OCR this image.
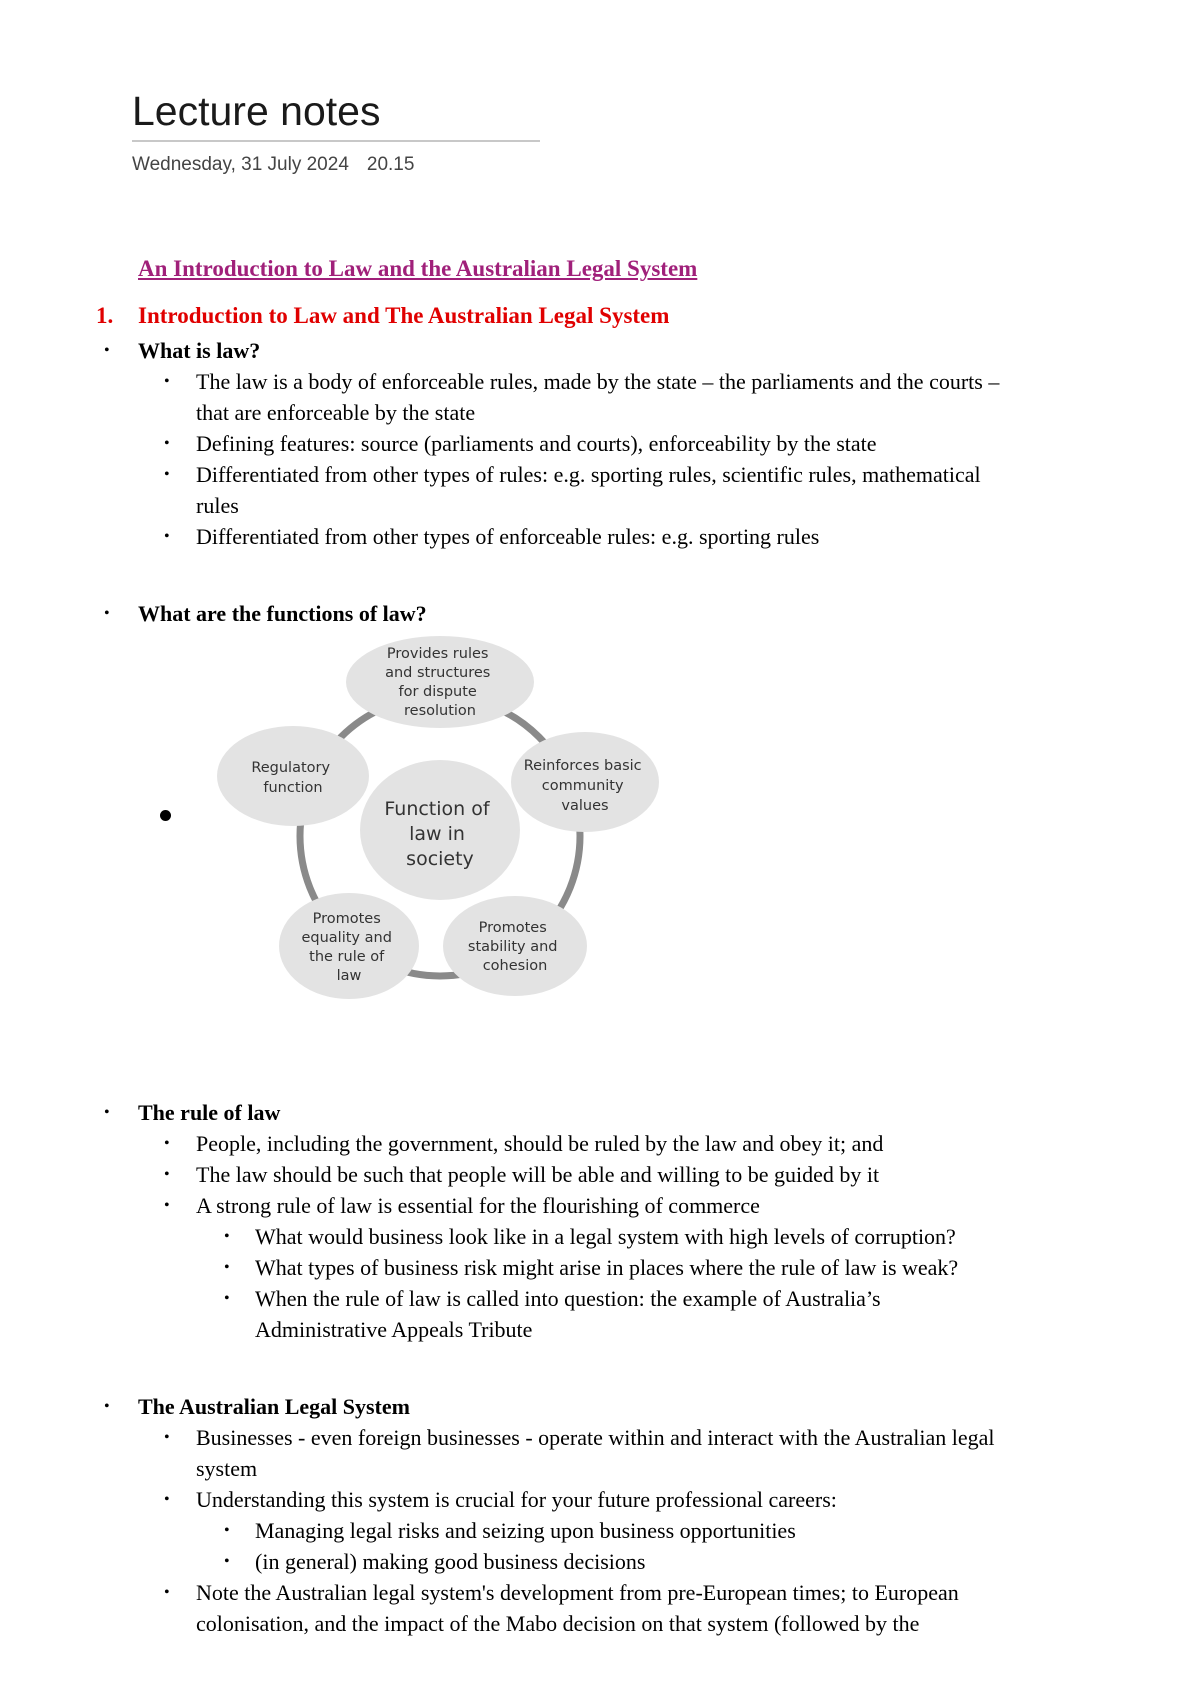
Lecture notes
Wednesday, 31 July 2024 20.15
An Introduction to Law and the Australian Legal System
1. Introduction to Law and The Australian Legal System
• What is law?
• The law is a body of enforceable rules, made by the state – the parliaments and the courts –
that are enforceable by the state
• Defining features: source (parliaments and courts), enforceability by the state
• Differentiated from other types of rules: e.g. sporting rules, scientific rules, mathematical
rules
• Differentiated from other types of enforceable rules: e.g. sporting rules
• What are the functions of law?
Function of law in society
Provides rules and structures for dispute resolution
Reinforces basic community values
Promotes stability and cohesion
Promotes equality and the rule of law
Regulatory function
• The rule of law
• People, including the government, should be ruled by the law and obey it; and
• The law should be such that people will be able and willing to be guided by it
• A strong rule of law is essential for the flourishing of commerce
• What would business look like in a legal system with high levels of corruption?
• What types of business risk might arise in places where the rule of law is weak?
• When the rule of law is called into question: the example of Australia’s
Administrative Appeals Tribute
• The Australian Legal System
• Businesses - even foreign businesses - operate within and interact with the Australian legal
system
• Understanding this system is crucial for your future professional careers:
• Managing legal risks and seizing upon business opportunities
• (in general) making good business decisions
• Note the Australian legal system's development from pre-European times; to European
colonisation, and the impact of the Mabo decision on that system (followed by the
